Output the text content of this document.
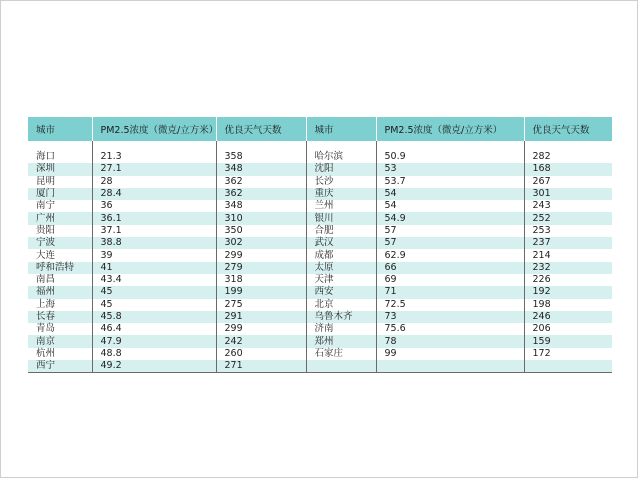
城市	PM2.5浓度（微克/立方米）	优良天气天数	城市	PM2.5浓度（微克/立方米）	优良天气天数

海口	21.3	358	哈尔滨	50.9	282
深圳	27.1	348	沈阳	53	168
昆明	28	362	长沙	53.7	267
厦门	28.4	362	重庆	54	301
南宁	36	348	兰州	54	243
广州	36.1	310	银川	54.9	252
贵阳	37.1	350	合肥	57	253
宁波	38.8	302	武汉	57	237
大连	39	299	成都	62.9	214
呼和浩特	41	279	太原	66	232
南昌	43.4	318	天津	69	226
福州	45	199	西安	71	192
上海	45	275	北京	72.5	198
长春	45.8	291	乌鲁木齐	73	246
青岛	46.4	299	济南	75.6	206
南京	47.9	242	郑州	78	159
杭州	48.8	260	石家庄	99	172
西宁	49.2	271			
